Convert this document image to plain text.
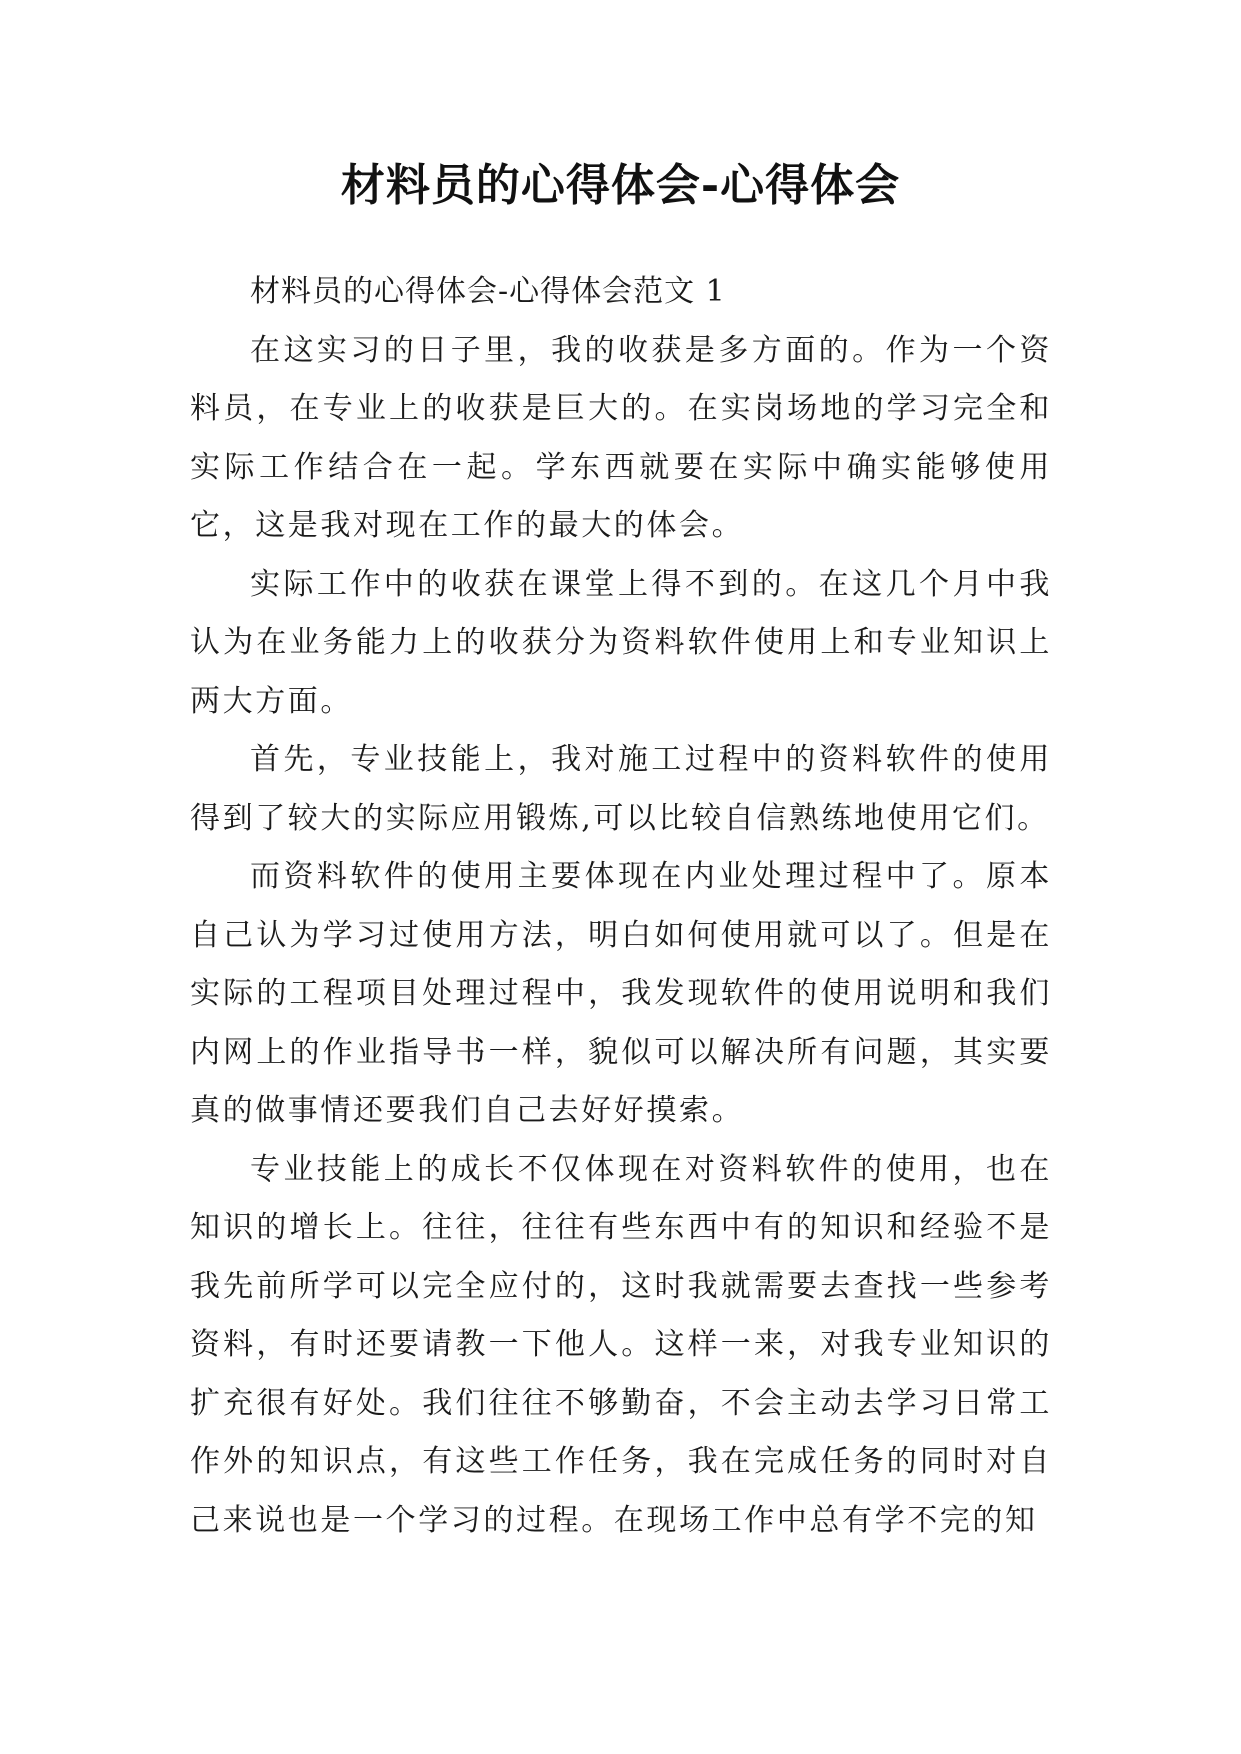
材料员的心得体会-心得体会

材料员的心得体会-心得体会范文 1

在这实习的日子里，我的收获是多方面的。作为一个资料员，在专业上的收获是巨大的。在实岗场地的学习完全和实际工作结合在一起。学东西就要在实际中确实能够使用它，这是我对现在工作的最大的体会。

实际工作中的收获在课堂上得不到的。在这几个月中我认为在业务能力上的收获分为资料软件使用上和专业知识上两大方面。

首先，专业技能上，我对施工过程中的资料软件的使用得到了较大的实际应用锻炼,可以比较自信熟练地使用它们。

而资料软件的使用主要体现在内业处理过程中了。原本自己认为学习过使用方法，明白如何使用就可以了。但是在实际的工程项目处理过程中，我发现软件的使用说明和我们内网上的作业指导书一样，貌似可以解决所有问题，其实要真的做事情还要我们自己去好好摸索。

专业技能上的成长不仅体现在对资料软件的使用，也在知识的增长上。往往，往往有些东西中有的知识和经验不是我先前所学可以完全应付的，这时我就需要去查找一些参考资料，有时还要请教一下他人。这样一来，对我专业知识的扩充很有好处。我们往往不够勤奋，不会主动去学习日常工作外的知识点，有这些工作任务，我在完成任务的同时对自己来说也是一个学习的过程。在现场工作中总有学不完的知
